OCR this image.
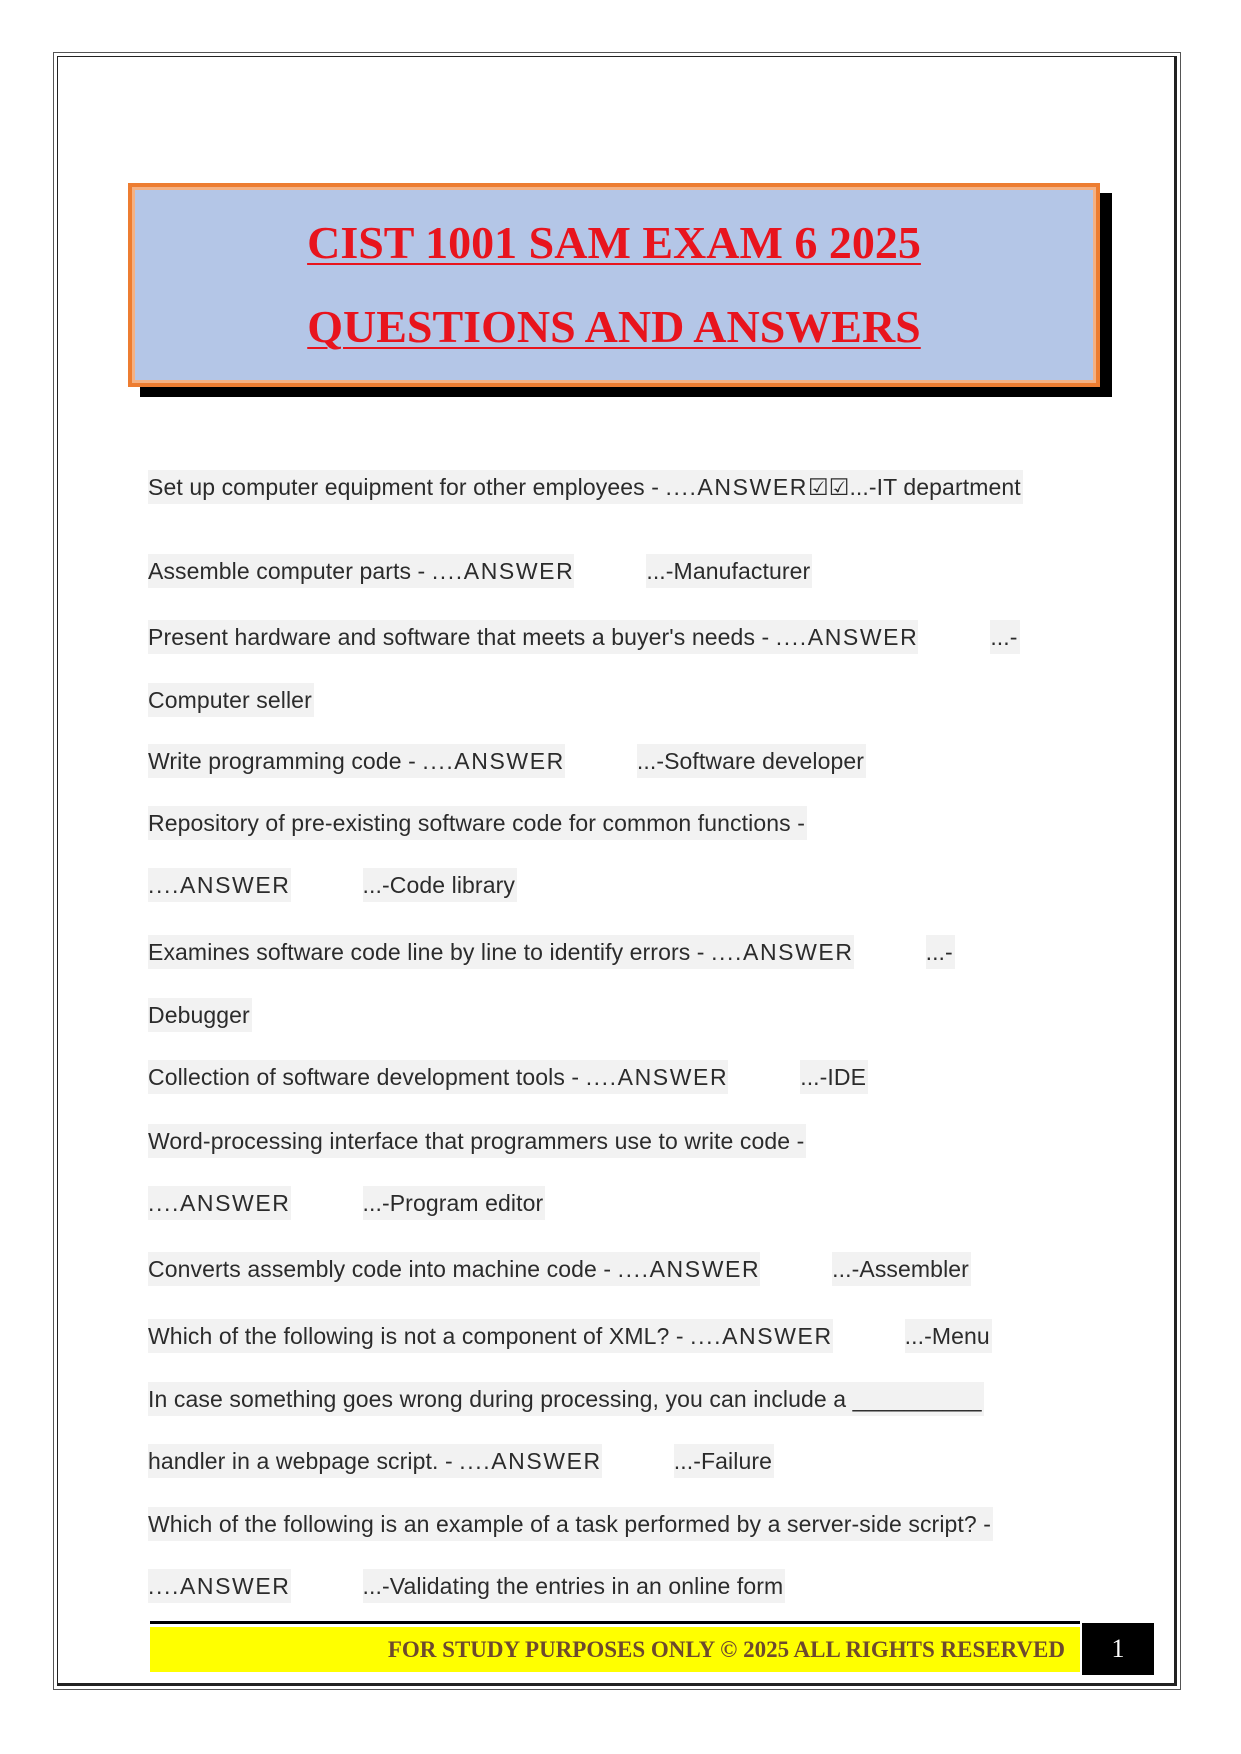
CIST 1001 SAM EXAM 6 2025
QUESTIONS AND ANSWERS
Set up computer equipment for other employees - ....ANSWER☑☑...-IT department
Assemble computer parts - ....ANSWER	...-Manufacturer
Present hardware and software that meets a buyer's needs - ....ANSWER	...-
Computer seller
Write programming code - ....ANSWER	...-Software developer
Repository of pre-existing software code for common functions -
....ANSWER	...-Code library
Examines software code line by line to identify errors - ....ANSWER	...-
Debugger
Collection of software development tools - ....ANSWER	...-IDE
Word-processing interface that programmers use to write code -
....ANSWER	...-Program editor
Converts assembly code into machine code - ....ANSWER	...-Assembler
Which of the following is not a component of XML? - ....ANSWER	...-Menu
In case something goes wrong during processing, you can include a __________
handler in a webpage script. - ....ANSWER	...-Failure
Which of the following is an example of a task performed by a server-side script? -
....ANSWER	...-Validating the entries in an online form
FOR STUDY PURPOSES ONLY © 2025 ALL RIGHTS RESERVED	1
